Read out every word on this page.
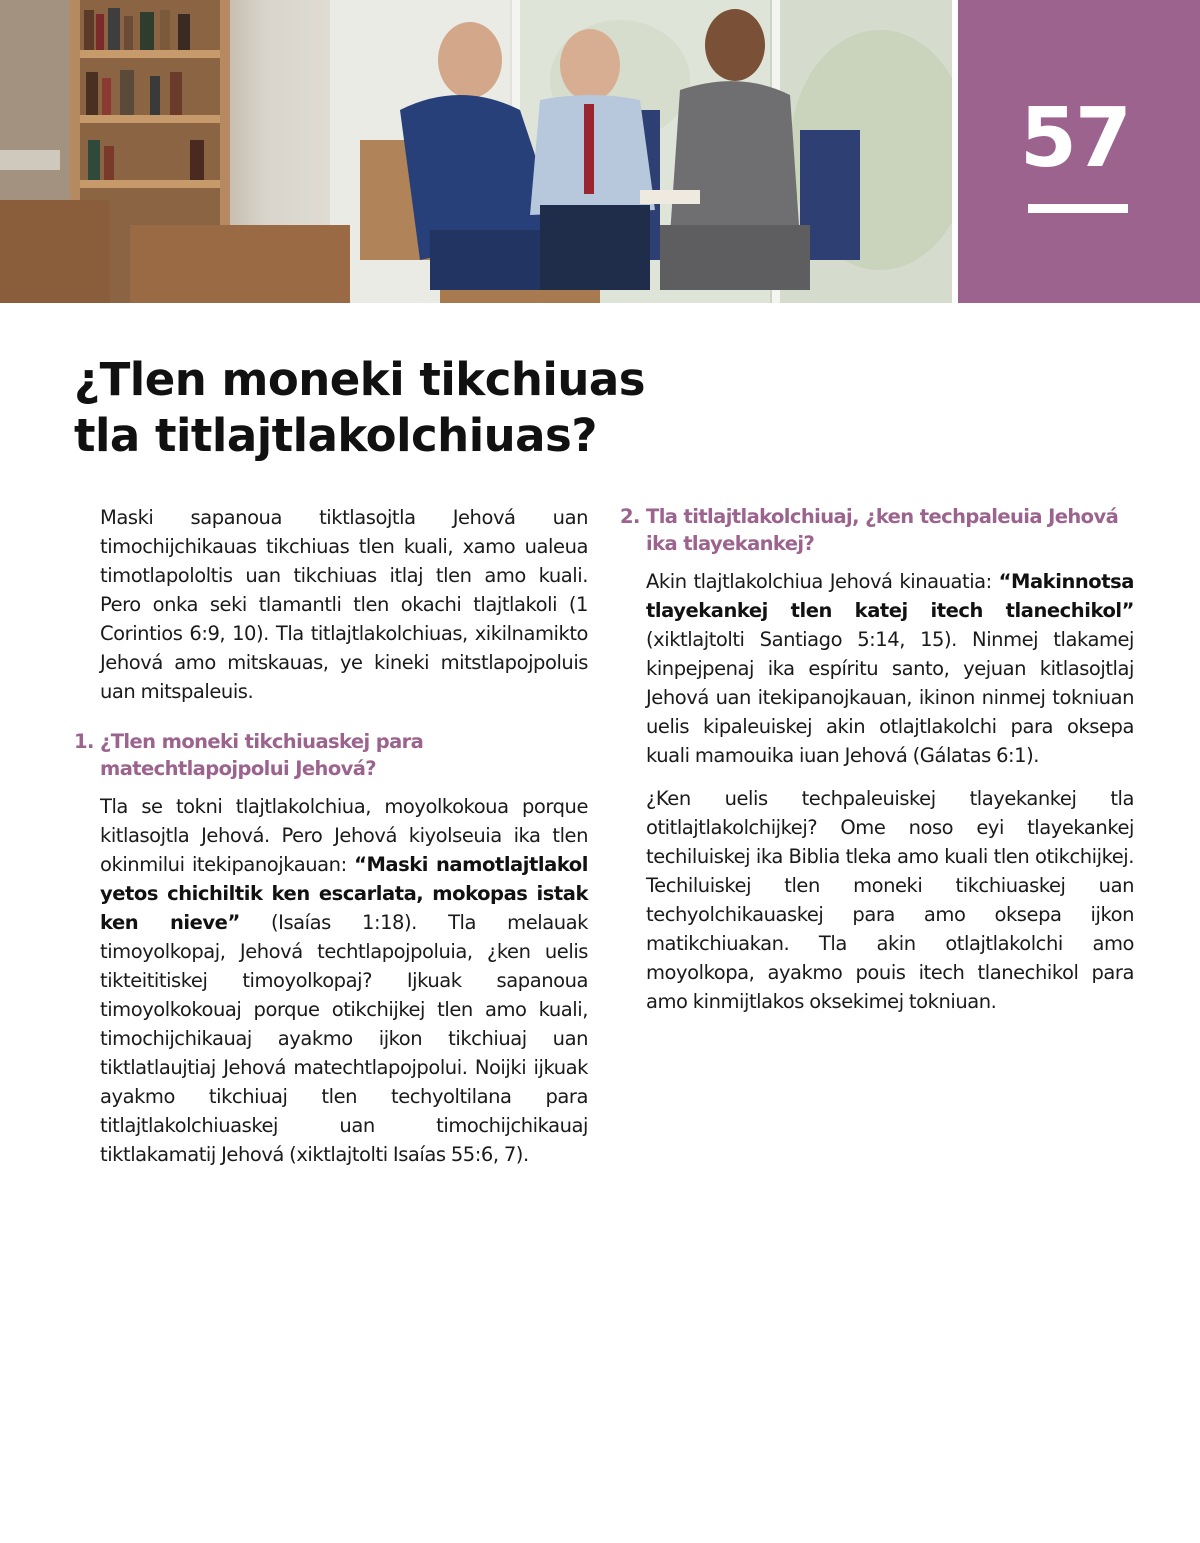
57
¿Tlen moneki tikchiuas
tla titlajtlakolchiuas?

Maski sapanoua tiktlasojtla Jehová uan timochijchikauas tikchiuas tlen kuali, xamo ualeua timotlapololtis uan tikchiuas itlaj tlen amo kuali. Pero onka seki tlamantli tlen okachi tlajtlakoli (1 Corintios 6:9, 10). Tla titlajtlakolchiuas, xikilnamikto Jehová amo mitskauas, ye kineki mitstlapojpoluis uan mitspaleuis.

1. ¿Tlen moneki tikchiuaskej para matechtlapojpolui Jehová?

Tla se tokni tlajtlakolchiua, moyolkokoua porque kitlasojtla Jehová. Pero Jehová kiyolseuia ika tlen okinmilui itekipanojkauan: “Maski namotlajtlakol yetos chichiltik ken escarlata, mokopas istak ken nieve” (Isaías 1:18). Tla melauak timoyolkopaj, Jehová techtlapojpoluia, ¿ken uelis tikteititiskej timoyolkopaj? Ijkuak sapanoua timoyolkokouaj porque otikchijkej tlen amo kuali, timochijchikauaj ayakmo ijkon tikchiuaj uan tiktlatlaujtiaj Jehová matechtlapojpolui. Noijki ijkuak ayakmo tikchiuaj tlen techyoltilana para titlajtlakolchiuaskej uan timochijchikauaj tiktlakamatij Jehová (xiktlajtolti Isaías 55:6, 7).

2. Tla titlajtlakolchiuaj, ¿ken techpaleuia Jehová ika tlayekankej?

Akin tlajtlakolchiua Jehová kinauatia: “Makinnotsa tlayekankej tlen katej itech tlanechikol” (xiktlajtolti Santiago 5:14, 15). Ninmej tlakamej kinpejpenaj ika espíritu santo, yejuan kitlasojtlaj Jehová uan itekipanojkauan, ikinon ninmej tokniuan uelis kipaleuiskej akin otlajtlakolchi para oksepa kuali mamouika iuan Jehová (Gálatas 6:1).

¿Ken uelis techpaleuiskej tlayekankej tla otitlajtlakolchijkej? Ome noso eyi tlayekankej techiluiskej ika Biblia tleka amo kuali tlen otikchijkej. Techiluiskej tlen moneki tikchiuaskej uan techyolchikauaskej para amo oksepa ijkon matikchiuakan. Tla akin otlajtlakolchi amo moyolkopa, ayakmo pouis itech tlanechikol para amo kinmijtlakos oksekimej tokniuan.
